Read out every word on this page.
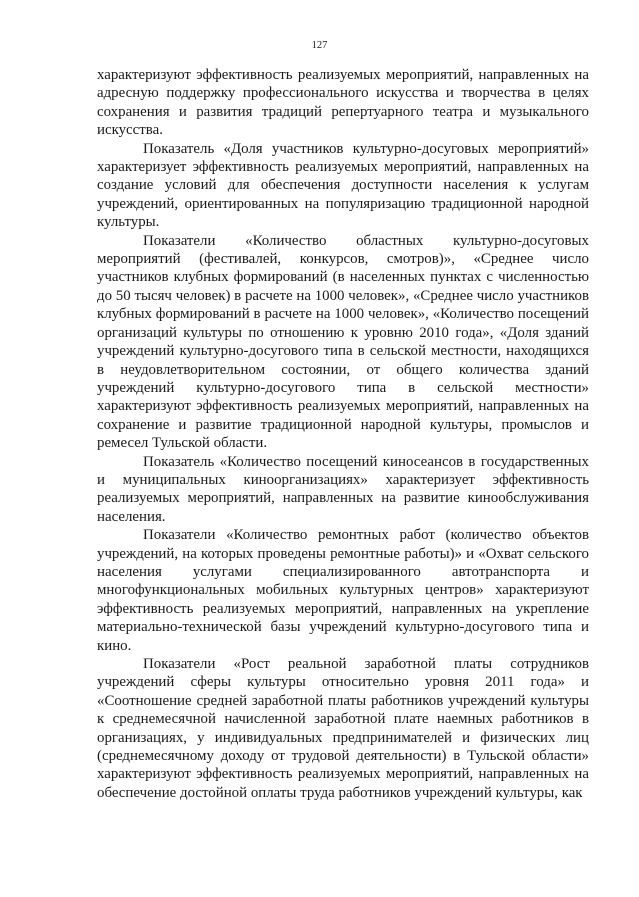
127

характеризуют эффективность реализуемых мероприятий, направленных на адресную поддержку профессионального искусства и творчества в целях сохранения и развития традиций репертуарного театра и музыкального искусства.

Показатель «Доля участников культурно-досуговых мероприятий» характеризует эффективность реализуемых мероприятий, направленных на создание условий для обеспечения доступности населения к услугам учреждений, ориентированных на популяризацию традиционной народной культуры.

Показатели «Количество областных культурно-досуговых мероприятий (фестивалей, конкурсов, смотров)», «Среднее число участников клубных формирований (в населенных пунктах с численностью до 50 тысяч человек) в расчете на 1000 человек», «Среднее число участников клубных формирований в расчете на 1000 человек», «Количество посещений организаций культуры по отношению к уровню 2010 года», «Доля зданий учреждений культурно-досугового типа в сельской местности, находящихся в неудовлетворительном состоянии, от общего количества зданий учреждений культурно-досугового типа в сельской местности» характеризуют эффективность реализуемых мероприятий, направленных на сохранение и развитие традиционной народной культуры, промыслов и ремесел Тульской области.

Показатель «Количество посещений киносеансов в государственных и муниципальных киноорганизациях» характеризует эффективность реализуемых мероприятий, направленных на развитие кинообслуживания населения.

Показатели «Количество ремонтных работ (количество объектов учреждений, на которых проведены ремонтные работы)» и «Охват сельского населения услугами специализированного автотранспорта и многофункциональных мобильных культурных центров» характеризуют эффективность реализуемых мероприятий, направленных на укрепление материально-технической базы учреждений культурно-досугового типа и кино.

Показатели «Рост реальной заработной платы сотрудников учреждений сферы культуры относительно уровня 2011 года» и «Соотношение средней заработной платы работников учреждений культуры к среднемесячной начисленной заработной плате наемных работников в организациях, у индивидуальных предпринимателей и физических лиц (среднемесячному доходу от трудовой деятельности) в Тульской области» характеризуют эффективность реализуемых мероприятий, направленных на обеспечение достойной оплаты труда работников учреждений культуры, как
